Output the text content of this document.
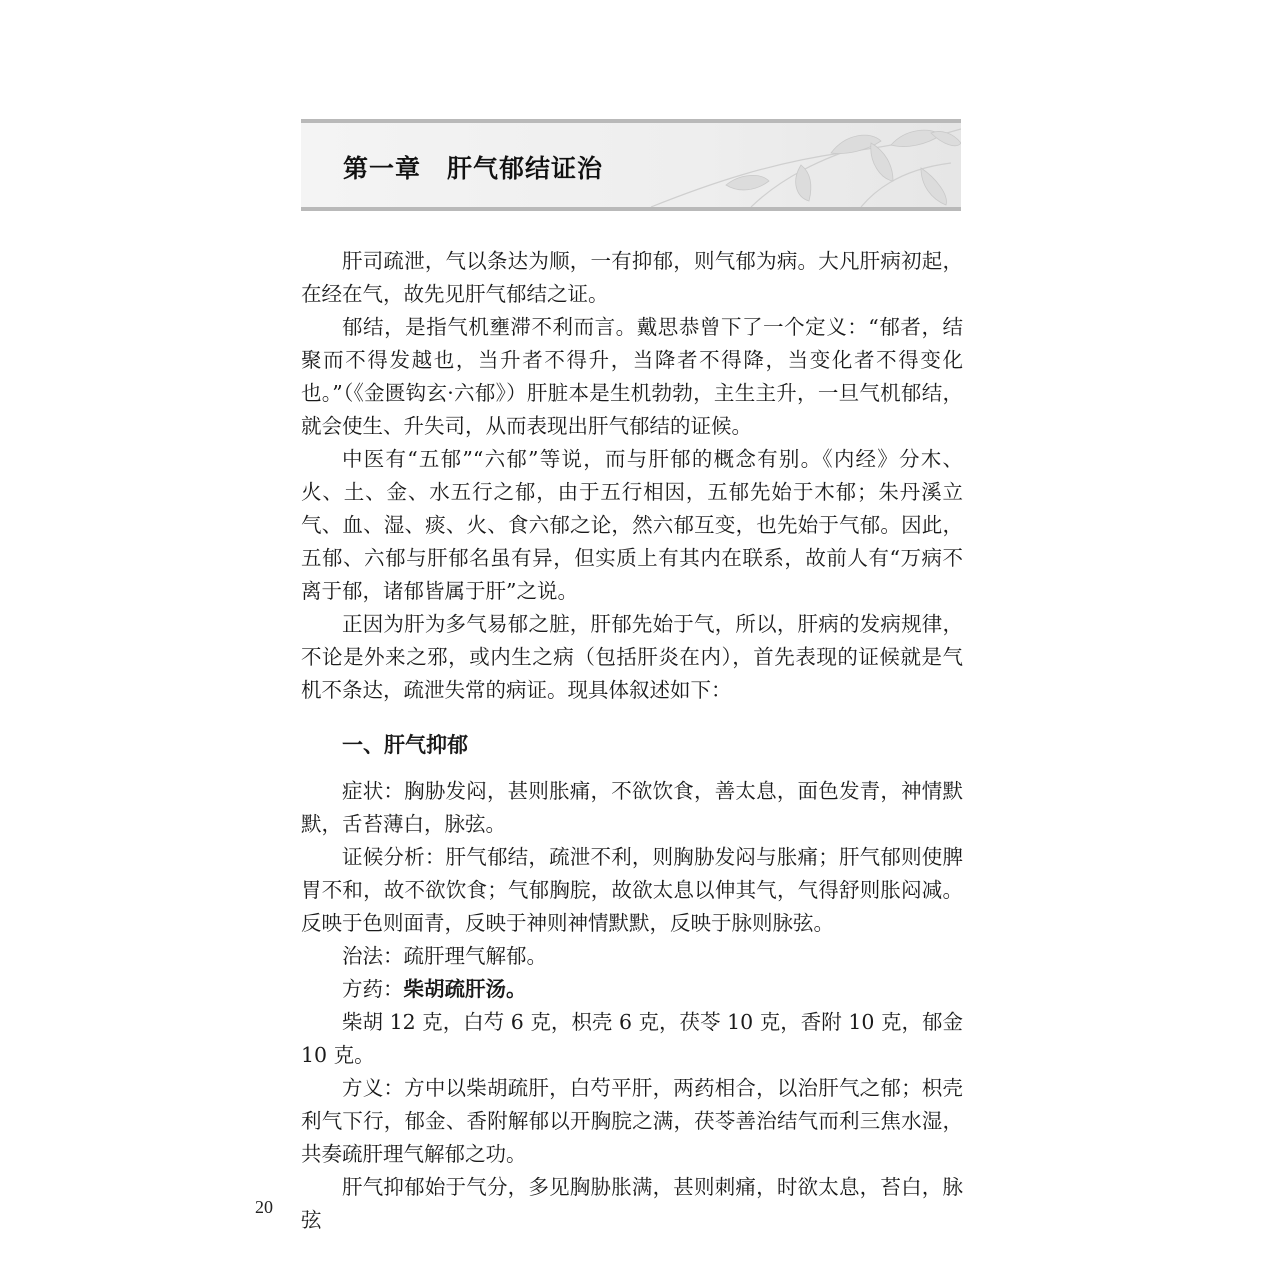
第一章　肝气郁结证治

肝司疏泄，气以条达为顺，一有抑郁，则气郁为病。大凡肝病初起，在经在气，故先见肝气郁结之证。

郁结，是指气机壅滞不利而言。戴思恭曾下了一个定义：“郁者，结聚而不得发越也，当升者不得升，当降者不得降，当变化者不得变化也。”（《金匮钩玄·六郁》）肝脏本是生机勃勃，主生主升，一旦气机郁结，就会使生、升失司，从而表现出肝气郁结的证候。

中医有“五郁”“六郁”等说，而与肝郁的概念有别。《内经》分木、火、土、金、水五行之郁，由于五行相因，五郁先始于木郁；朱丹溪立气、血、湿、痰、火、食六郁之论，然六郁互变，也先始于气郁。因此，五郁、六郁与肝郁名虽有异，但实质上有其内在联系，故前人有“万病不离于郁，诸郁皆属于肝”之说。

正因为肝为多气易郁之脏，肝郁先始于气，所以，肝病的发病规律，不论是外来之邪，或内生之病（包括肝炎在内），首先表现的证候就是气机不条达，疏泄失常的病证。现具体叙述如下：

一、肝气抑郁

症状：胸胁发闷，甚则胀痛，不欲饮食，善太息，面色发青，神情默默，舌苔薄白，脉弦。

证候分析：肝气郁结，疏泄不利，则胸胁发闷与胀痛；肝气郁则使脾胃不和，故不欲饮食；气郁胸脘，故欲太息以伸其气，气得舒则胀闷减。反映于色则面青，反映于神则神情默默，反映于脉则脉弦。

治法：疏肝理气解郁。

方药：柴胡疏肝汤。

柴胡 12 克，白芍 6 克，枳壳 6 克，茯苓 10 克，香附 10 克，郁金 10 克。

方义：方中以柴胡疏肝，白芍平肝，两药相合，以治肝气之郁；枳壳利气下行，郁金、香附解郁以开胸脘之满，茯苓善治结气而利三焦水湿，共奏疏肝理气解郁之功。

肝气抑郁始于气分，多见胸胁胀满，甚则刺痛，时欲太息，苔白，脉弦

20
